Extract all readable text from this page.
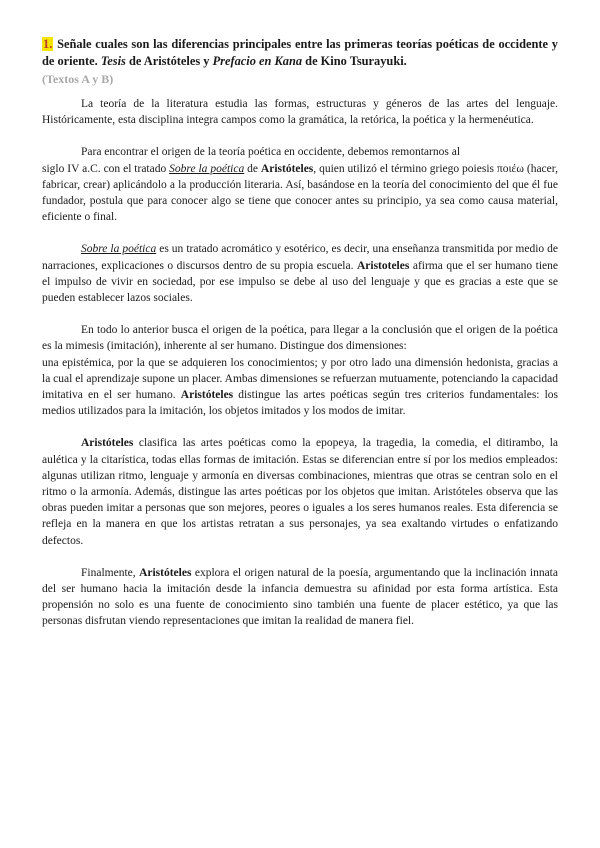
1. Señale cuales son las diferencias principales entre las primeras teorías poéticas de occidente y de oriente. Tesis de Aristóteles y Prefacio en Kana de Kino Tsurayuki.

(Textos A y B)

La teoría de la literatura estudia las formas, estructuras y géneros de las artes del lenguaje. Históricamente, esta disciplina integra campos como la gramática, la retórica, la poética y la hermenéutica.

Para encontrar el origen de la teoría poética en occidente, debemos remontarnos al
siglo IV a.C. con el tratado Sobre la poética de Aristóteles, quien utilizó el término griego poiesis ποιέω (hacer, fabricar, crear) aplicándolo a la producción literaria. Así, basándose en la teoría del conocimiento del que él fue fundador, postula que para conocer algo se tiene que conocer antes su principio, ya sea como causa material, eficiente o final.

Sobre la poética es un tratado acromático y esotérico, es decir, una enseñanza transmitida por medio de narraciones, explicaciones o discursos dentro de su propia escuela. Aristoteles afirma que el ser humano tiene el impulso de vivir en sociedad, por ese impulso se debe al uso del lenguaje y que es gracias a este que se pueden establecer lazos sociales.

En todo lo anterior busca el origen de la poética, para llegar a la conclusión que el origen de la poética es la mimesis (imitación), inherente al ser humano. Distingue dos dimensiones:
una epistémica, por la que se adquieren los conocimientos; y por otro lado una dimensión hedonista, gracias a la cual el aprendizaje supone un placer. Ambas dimensiones se refuerzan mutuamente, potenciando la capacidad imitativa en el ser humano. Aristóteles distingue las artes poéticas según tres criterios fundamentales: los medios utilizados para la imitación, los objetos imitados y los modos de imitar.

Aristóteles clasifica las artes poéticas como la epopeya, la tragedia, la comedia, el ditirambo, la aulética y la citarística, todas ellas formas de imitación. Estas se diferencian entre sí por los medios empleados: algunas utilizan ritmo, lenguaje y armonía en diversas combinaciones, mientras que otras se centran solo en el ritmo o la armonía. Además, distingue las artes poéticas por los objetos que imitan. Aristóteles observa que las obras pueden imitar a personas que son mejores, peores o iguales a los seres humanos reales. Esta diferencia se refleja en la manera en que los artistas retratan a sus personajes, ya sea exaltando virtudes o enfatizando defectos.

Finalmente, Aristóteles explora el origen natural de la poesía, argumentando que la inclinación innata del ser humano hacia la imitación desde la infancia demuestra su afinidad por esta forma artística. Esta propensión no solo es una fuente de conocimiento sino también una fuente de placer estético, ya que las personas disfrutan viendo representaciones que imitan la realidad de manera fiel.
